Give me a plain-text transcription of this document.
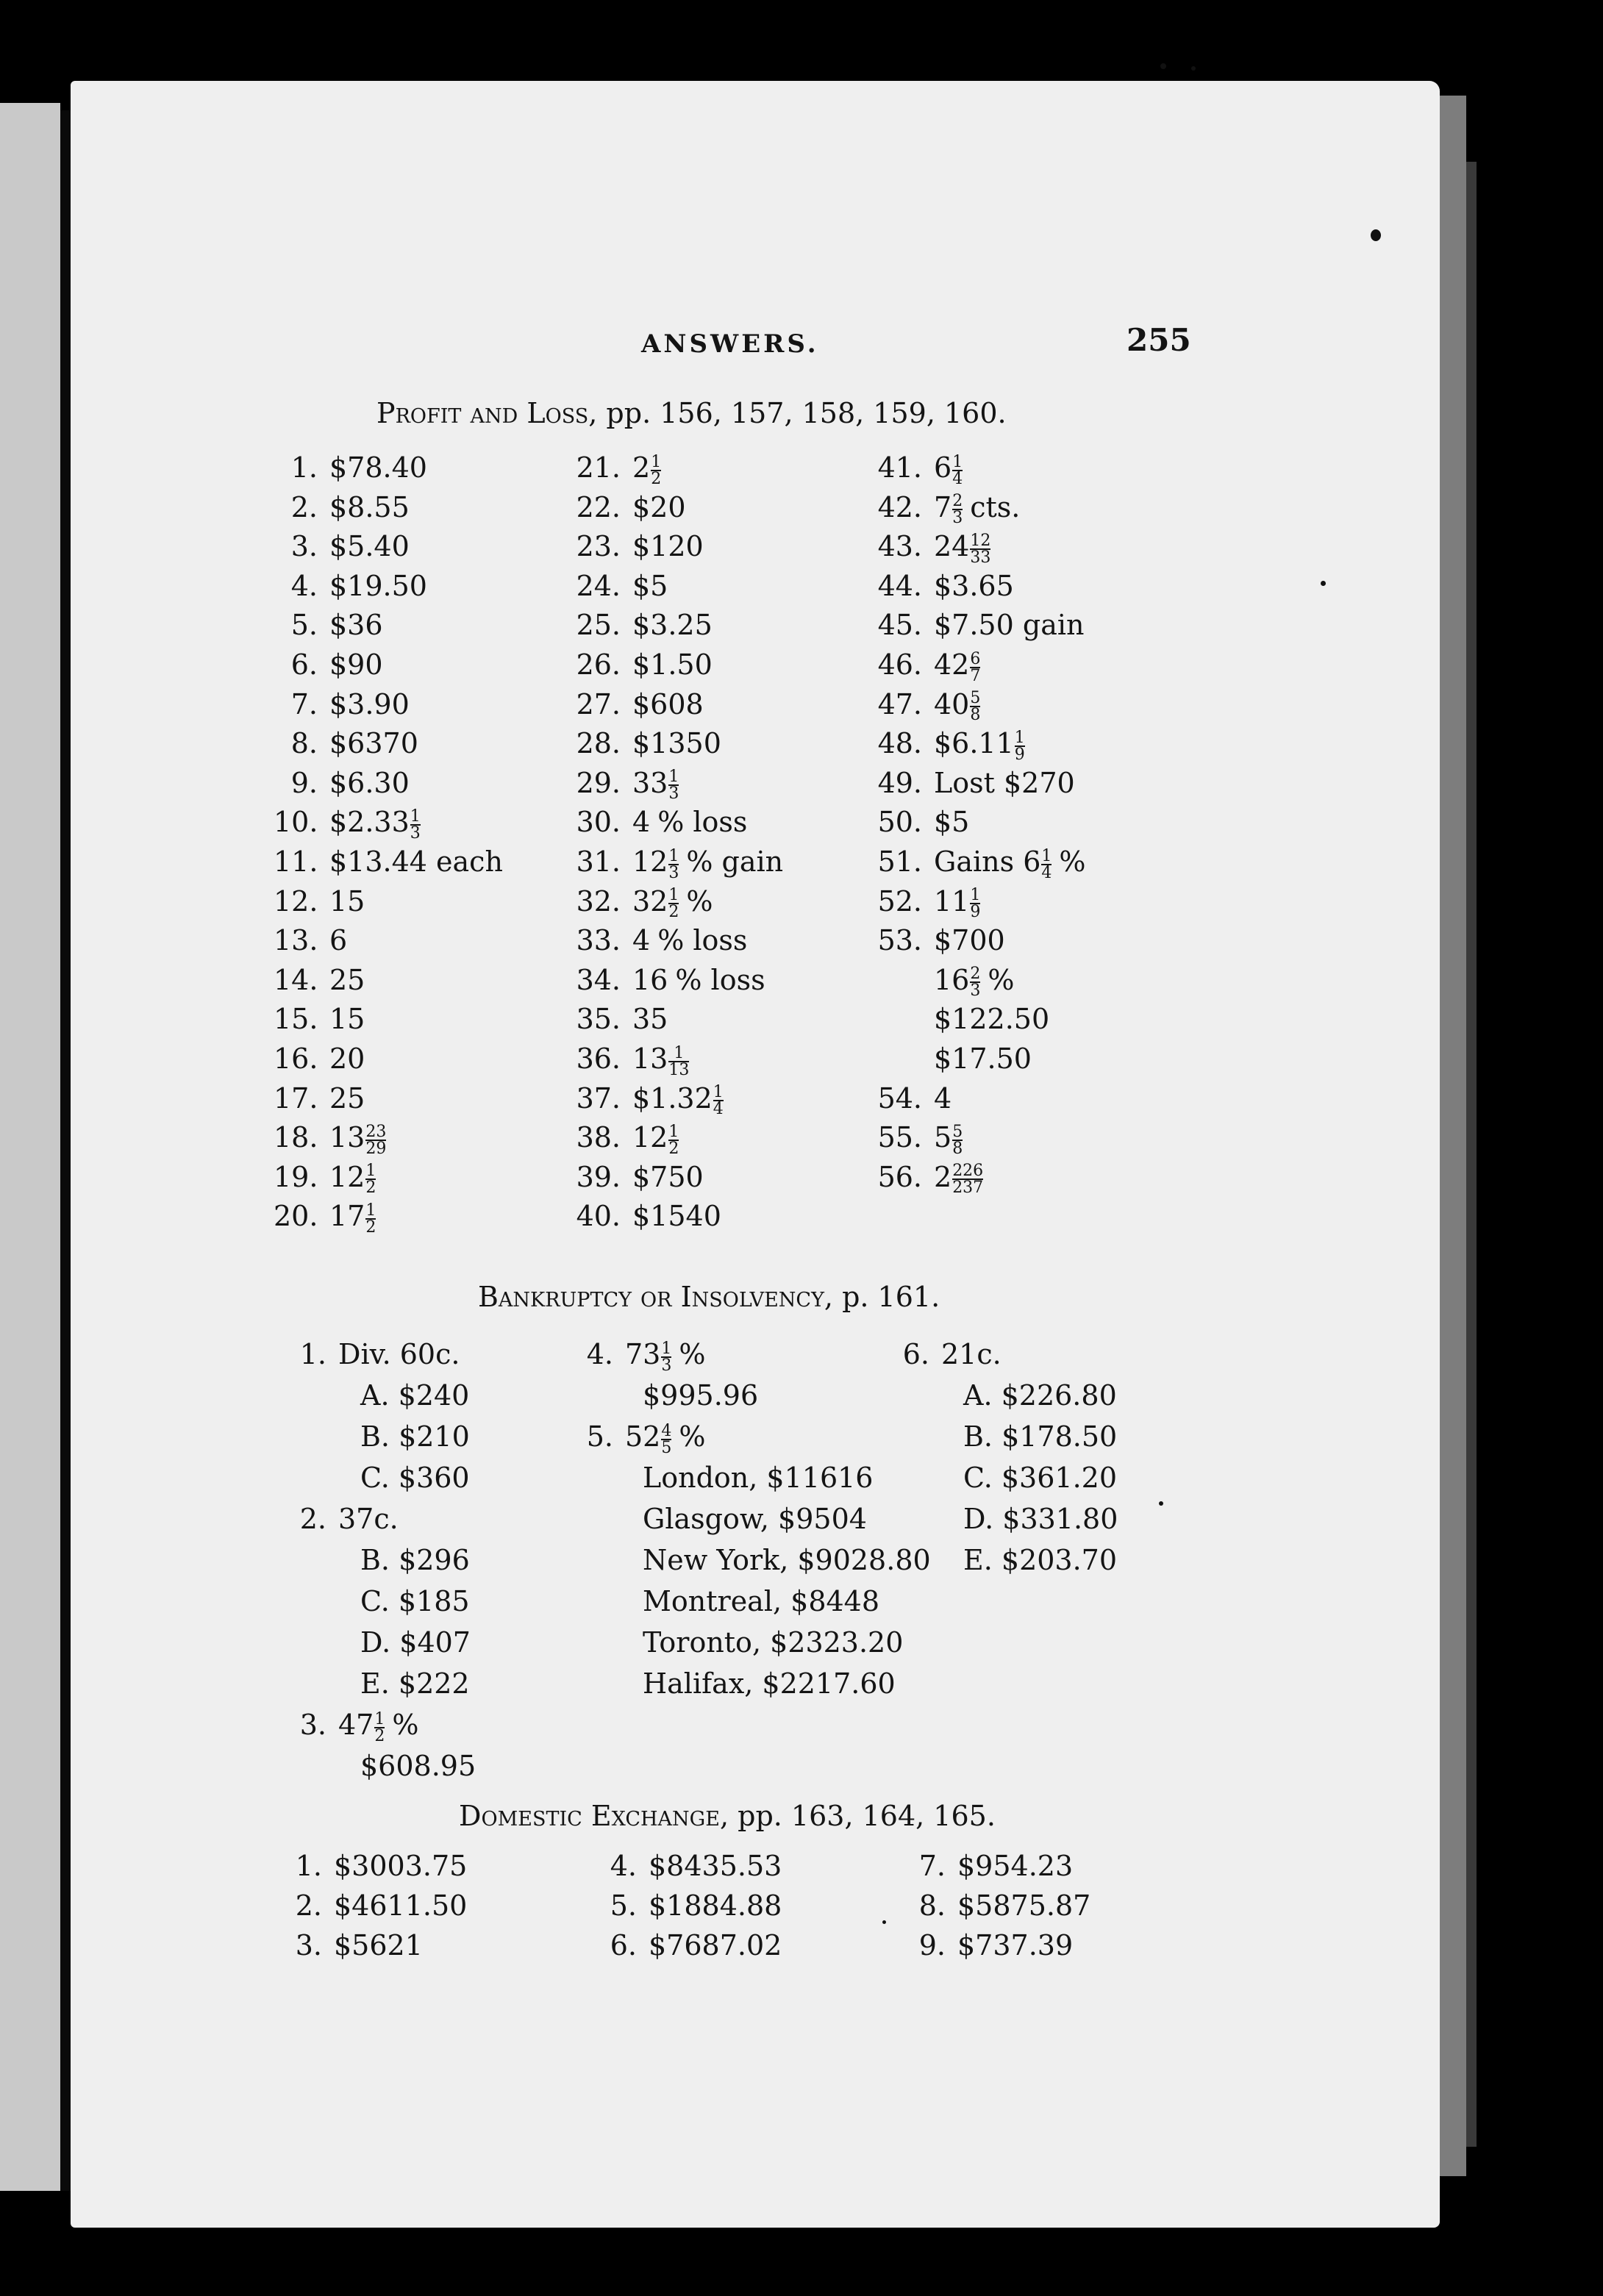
ANSWERS.	255
Profit and Loss, pp. 156, 157, 158, 159, 160.
Bankruptcy or Insolvency, p. 161.
Domestic Exchange, pp. 163, 164, 165.
1. $78.40
2. $8.55
3. $5.40
4. $19.50
5. $36
6. $90
7. $3.90
8. $6370
9. $6.30
10. $2.33 $\frac{1}{3}$
11. $13.44 each
12. 15
13. 6
14. 25
15. 15
16. 20
17. 25
18. $13 \frac{23}{29}$
19. $12 \frac{1}{2}$
20. $17 \frac{1}{2}$
21. $2 \frac{1}{2}$
22. $20
23. $120
24. $5
25. $3.25
26. $1.50
27. $608
28. $1350
29. $33 \frac{1}{3}$
30. 4 % loss
31. $12 \frac{1}{3}$ % gain
32. $32 \frac{1}{2}$ %
33. 4 % loss
34. 16 % loss
35. 35
36. $13 \frac{1}{13}$
37. $1.32 $\frac{1}{4}$
38. $12 \frac{1}{2}$
39. $750
40. $1540
41. $6 \frac{1}{4}$
42. $7 \frac{2}{3}$ cts.
43. $24 \frac{12}{33}$
44. $3.65
45. $7.50 gain
46. $42 \frac{6}{7}$
47. $40 \frac{5}{8}$
48. $6.11 $\frac{1}{9}$
49. Lost $270
50. $5
51. Gains $6 \frac{1}{4}$ %
52. $11 \frac{1}{9}$
53. $700
$16 \frac{2}{3}$ %
$122.50
$17.50
54. 4
55. $5 \frac{5}{8}$
56. $2 \frac{226}{237}$
1. Div. 60c.
A. $240
B. $210
C. $360
2. 37c.
B. $296
C. $185
D. $407
E. $222
3. $47 \frac{1}{2}$ %
$608.95
4. $73 \frac{1}{3}$ %
$995.96
5. $52 \frac{4}{5}$ %
London, $11616
Glasgow, $9504
New York, $9028.80
Montreal, $8448
Toronto, $2323.20
Halifax, $2217.60
6. 21c.
A. $226.80
B. $178.50
C. $361.20
D. $331.80
E. $203.70
1. $3003.75
2. $4611.50
3. $5621
4. $8435.53
5. $1884.88
6. $7687.02
7. $954.23
8. $5875.87
9. $737.39
